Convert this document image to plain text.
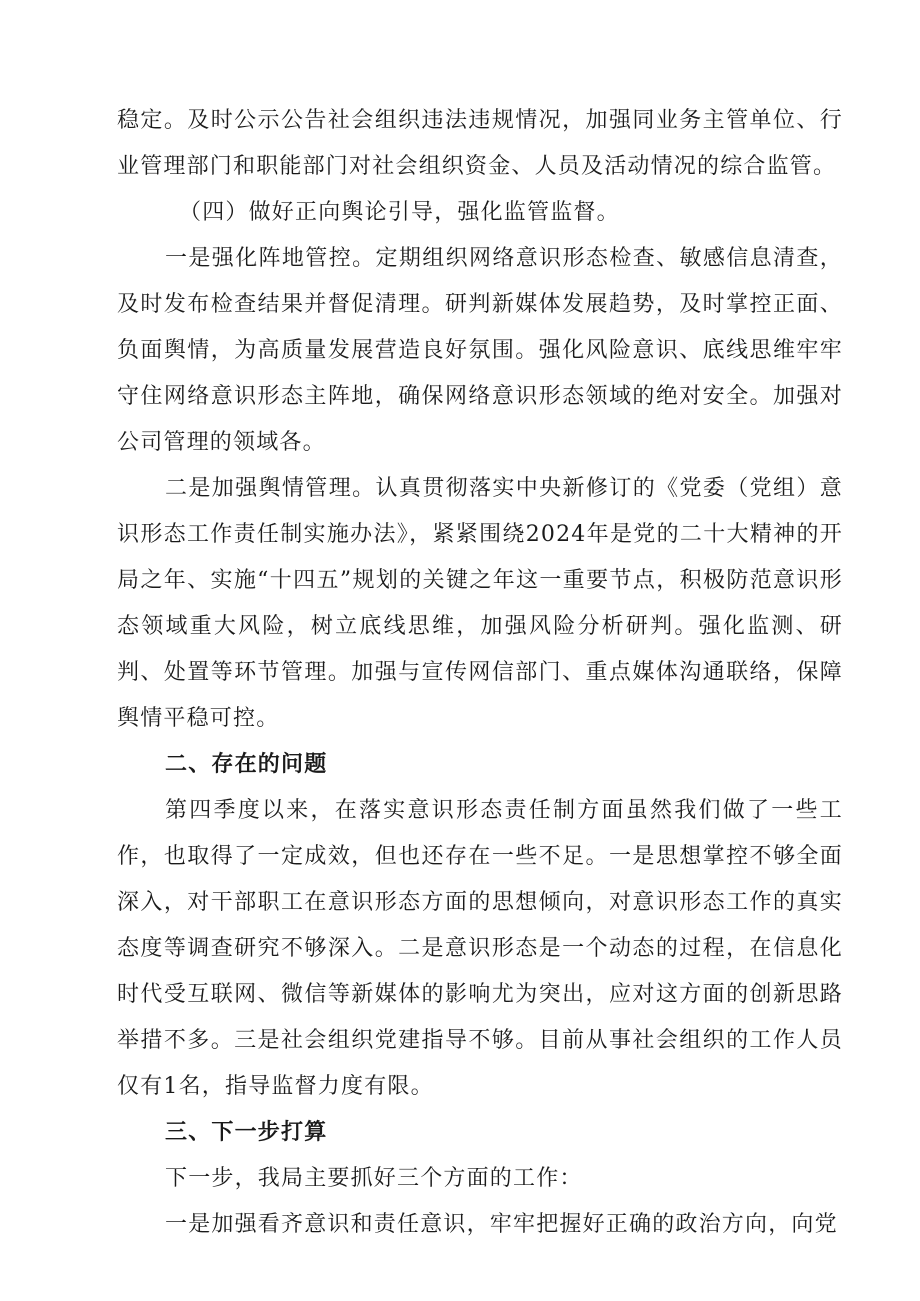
稳定。及时公示公告社会组织违法违规情况，加强同业务主管单位、行业管理部门和职能部门对社会组织资金、人员及活动情况的综合监管。

（四）做好正向舆论引导，强化监管监督。

一是强化阵地管控。定期组织网络意识形态检查、敏感信息清查，及时发布检查结果并督促清理。研判新媒体发展趋势，及时掌控正面、负面舆情，为高质量发展营造良好氛围。强化风险意识、底线思维牢牢守住网络意识形态主阵地，确保网络意识形态领域的绝对安全。加强对公司管理的领域各。

二是加强舆情管理。认真贯彻落实中央新修订的《党委（党组）意识形态工作责任制实施办法》，紧紧围绕2024年是党的二十大精神的开局之年、实施“十四五”规划的关键之年这一重要节点，积极防范意识形态领域重大风险，树立底线思维，加强风险分析研判。强化监测、研判、处置等环节管理。加强与宣传网信部门、重点媒体沟通联络，保障舆情平稳可控。

二、存在的问题

第四季度以来，在落实意识形态责任制方面虽然我们做了一些工作，也取得了一定成效，但也还存在一些不足。一是思想掌控不够全面深入，对干部职工在意识形态方面的思想倾向，对意识形态工作的真实态度等调查研究不够深入。二是意识形态是一个动态的过程，在信息化时代受互联网、微信等新媒体的影响尤为突出，应对这方面的创新思路举措不多。三是社会组织党建指导不够。目前从事社会组织的工作人员仅有1名，指导监督力度有限。

三、下一步打算

下一步，我局主要抓好三个方面的工作：

一是加强看齐意识和责任意识，牢牢把握好正确的政治方向，向党
